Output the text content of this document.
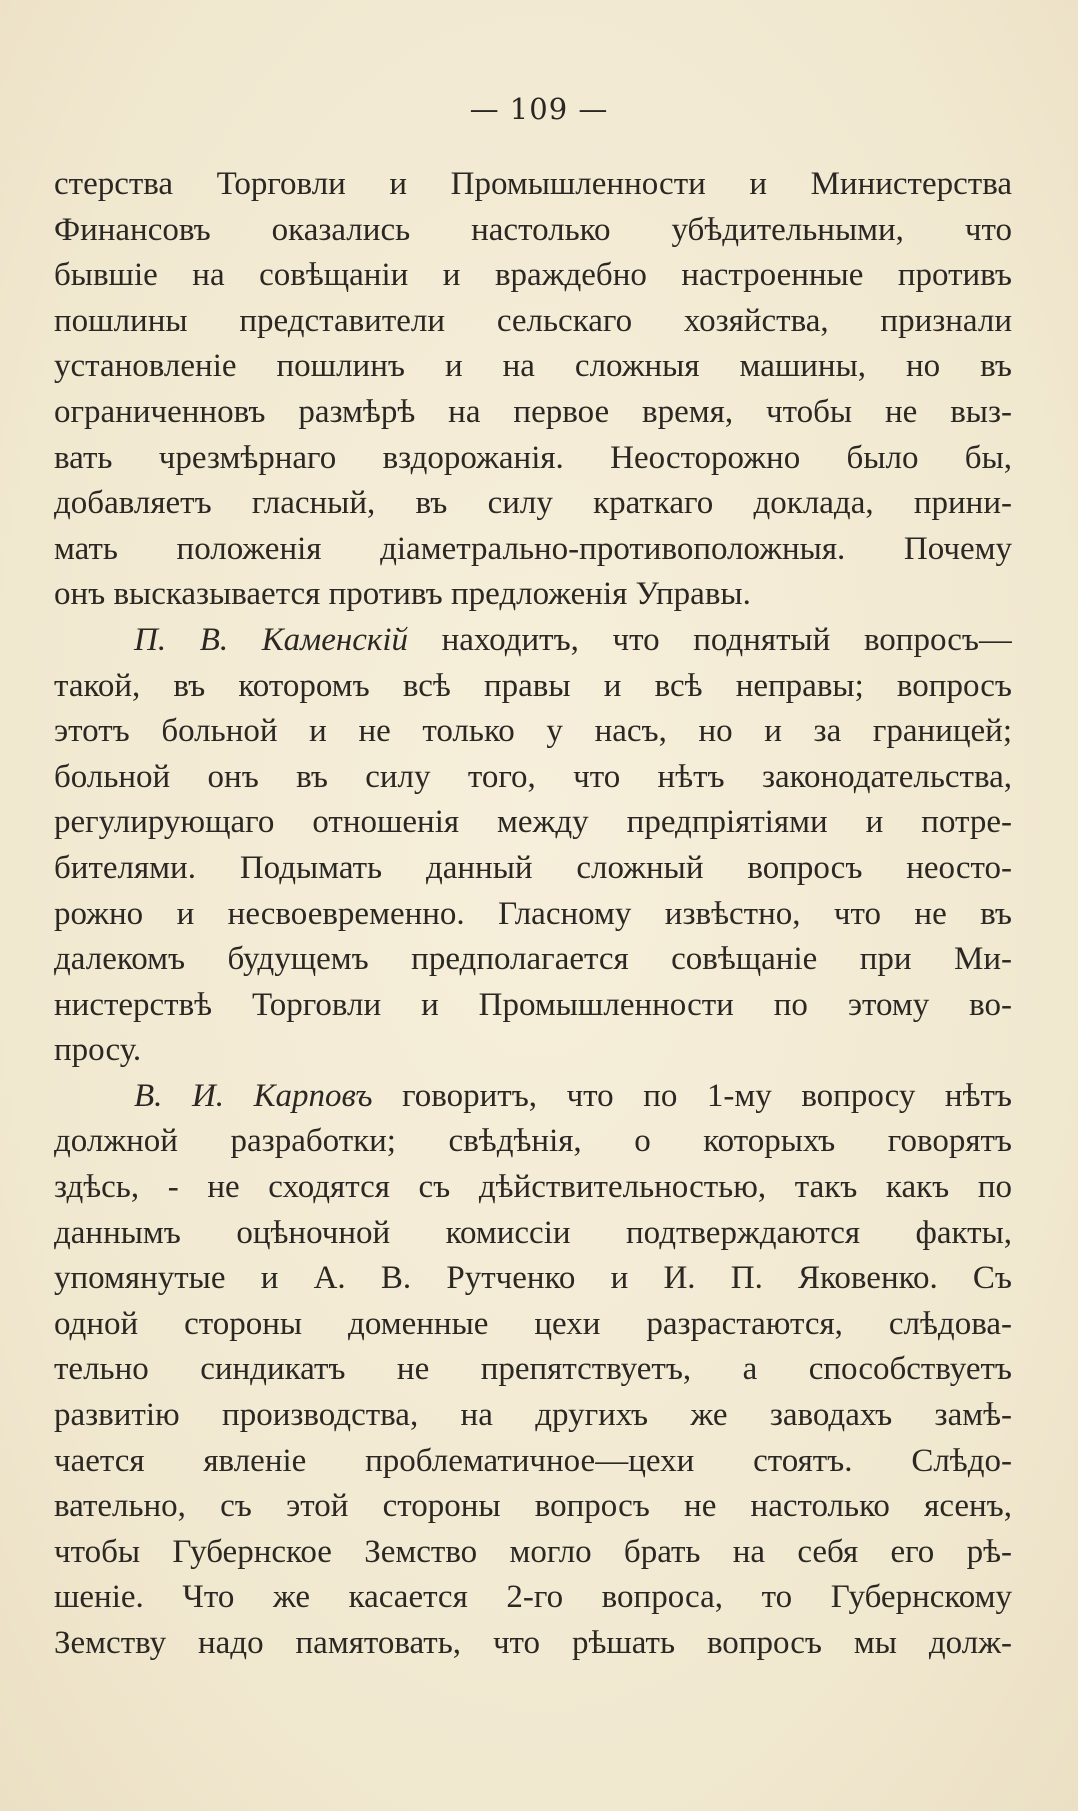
— 109 —
стерства Торговли и Промышленности и Министерства
Финансовъ оказались настолько убѣдительными, что
бывшіе на совѣщаніи и враждебно настроенные противъ
пошлины представители сельскаго хозяйства, признали
установленіе пошлинъ и на сложныя машины, но въ
ограниченновъ размѣрѣ на первое время, чтобы не выз-
вать чрезмѣрнаго вздорожанія. Неосторожно было бы,
добавляетъ гласный, въ силу краткаго доклада, прини-
мать положенія діаметрально-противоположныя. Почему
онъ высказывается противъ предложенія Управы.
П. В. Каменскій находитъ, что поднятый вопросъ—
такой, въ которомъ всѣ правы и всѣ неправы; вопросъ
этотъ больной и не только у насъ, но и за границей;
больной онъ въ силу того, что нѣтъ законодательства,
регулирующаго отношенія между предпріятіями и потре-
бителями. Подымать данный сложный вопросъ неосто-
рожно и несвоевременно. Гласному извѣстно, что не въ
далекомъ будущемъ предполагается совѣщаніе при Ми-
нистерствѣ Торговли и Промышленности по этому во-
просу.
В. И. Карповъ говоритъ, что по 1-му вопросу нѣтъ
должной разработки; свѣдѣнія, о которыхъ говорятъ
здѣсь, - не сходятся съ дѣйствительностью, такъ какъ по
даннымъ оцѣночной комиссіи подтверждаются факты,
упомянутые и А. В. Рутченко и И. П. Яковенко. Съ
одной стороны доменные цехи разрастаются, слѣдова-
тельно синдикатъ не препятствуетъ, а способствуетъ
развитію производства, на другихъ же заводахъ замѣ-
чается явленіе проблематичное—цехи стоятъ. Слѣдо-
вательно, съ этой стороны вопросъ не настолько ясенъ,
чтобы Губернское Земство могло брать на себя его рѣ-
шеніе. Что же касается 2-го вопроса, то Губернскому
Земству надо памятовать, что рѣшать вопросъ мы долж-
